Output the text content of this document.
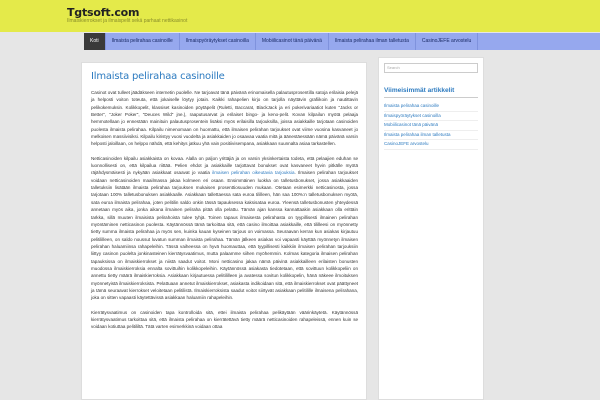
Tgtsoft.com
Ilmaiskierrokset ja ilmaispelit sekä parhaat nettikasinot
Koti	Ilmaista pelirahaa casinoille	Ilmaispyöräytykset casinoilla	Mobiilicasinot tänä päivänä	Ilmaista pelirahaa ilman talletusta	CasinoJEFE arvostelu
Ilmaista pelirahaa casinoille

Casinot ovat tulleet jäädäkseen internetin puolelle. Ne tarjoavat tänä päivänä erinomaisella palautusprosentilla satoja erilaisia pelejä ja helposti voiton toteuta, että jokaiselle löytyy jotain. Kaikki rahapelien kirjo on tarjolla näyttävin grafiikoin ja nautittavin pelikokemuksin. Kolikkopelit, klassiset kasinoiden pöytäpelit (Ruletti, Baccarat, BlackJack ja eri pokerivariaatiot kuten "Jacks or Better", "Joker Poker", "Deuces Wild" jne.), raaputusarvat ja erilaiset bingo- ja keno-pelit. Kovan kilpailun myötä pelaaja hemmotellaan jo ennestään mainituin palautusprosentein lisäksi myös erilaisilla tarjouksilla, joissa asiakkaille tarjotaan casinoiden puolesta ilmaista pelirahaa. Kilpailu nimenomaan on huomattu, että ilmaisen pelirahan tarjoukset ovat viime vuosina kasvaneet jo melkoisen massiivisiksi. Kilpailu kiristyy vuosi vuodelta ja asiakkaiden jo osaavaa vaatia mitä ja äänestäessään nämä päivänä varsin helposti jaloillaan, on helppo nähdä, että kehitys jatkuu yhä vain positiivisempana, asiakkaan suunnalta asiaa tarkastellen.

Netticasinoiden kilpailu asiakkaista on kovaa. Alalla on paljon yrittäjiä ja on varsin yksinkertaista todeta, että pelaajien eduhan se luonnollisesti on, että kilpailua riittää. Pelien ehdot ja asiakkaille tarjottavat bonukset ovat kasvaneet hyvin pitkälle myötä räjähdysmäisesti ja nykyään asiakkaat osaavat jo vaatia ilmaisen pelirahan oikeutavia tarjouksia. Ilmaisen pelirahan tarjoukset voidaan netticasinoiden maailmassa jakaa kolmeen eri osaan. Ensimmäinen luokka on talletusbonukset, jossa asiakkaaiden talletuksiin lisätään ilmaista pelirahaa tarjouksen mukaisen prosenttiosuuden mukaan. Otetaan esimerkki netticasinosta, jossa tarjotaan 100% talletusbonuksen asiakkaalle. Asiakkaan tallettaessa sata euroa tililleen, hän saa 100%:n talletusbonuksen myötä, sata euroa ilmaista pelirahaa, joten pelitilin saldo onkin tässä tapauksessa kaksisataa euroa. Yleensä talletusbonusten yhteydessä annetaan myös aika, jonka aikana ilmainen peliraha pitää olla pelattu. Tämän ajan kanssa kannattaakin asiakkaan olla erittäin tarkka, sillä muuten ilmaisista pelirahoista tulee tyhjä. Toinen tapaus ilmaisesta pelirahasta on tyypillisesti ilmainen pelirahan myöntäminen netticasinon puolesta. Käytännössä tämä tarkoittaa sitä, että casino ilmoittaa asiakkaille, että tililleesi on myönnetty tietty summa ilmaista pelirahaa ja myös sen, kuinka kauan kyseinen tarjous on voimassa. Seuraavan kerran kun asiakas kirjautuu pelitililleen, on saldo noussut luvatun summan ilmaista pelirahaa. Tämän jälkeen asiakas voi vapaasti käyttää myönnetyn ilmaisen pelirahan haluamiinsa rahapeleihin. Tässä vaiheessa on hyvä huomauttaa, että tyypillisesti kaikkiin ilmaisen pelirahan tarjouksiin liittyy casinon puolelta jonkinasteinen kierrätysvaatimus, mutta palaamme siihen myöhemmin. Kolmas kategoria ilmaisen pelirahan tapauksissa on ilmaiskierrokset ja niistä saadut voitot. Moni netticasino jakaa nämä päivinä asiakkailleen erilaisten bonusten muodossa ilmaiskierroksia ennalta sovittuihin kolikkopeleihin. Käytännössä asiakasta tiedotetaan, että sovittuun kolikkopeliin on annettu tietty määrä ilmaiskierroksia. Asiakkaan kirjautuessa pelitililleen ja avatessa sovitun kolikkopelin, hänä näkeee ilmoituksen myönnetyistä ilmaiskierroksista. Pelattuaan annetut ilmaiskierrokset, asiakasta indikoidaan sitä, että ilmaiskierrokset ovat päättyneet ja tämä seuraavat kierrokset veloitetaan pelitilistä. Ilmaiskierroksista saadut voitot siirtyvät asiakkaan pelitilille ilmaisena pelirahana, joka on sitten vapaasti käytettävissä asiakkaan haluamiin rahapeleihin.

Kierrätysvaatimus on casinoiden tapa kontrolloida sitä, ettei ilmaista pelirahaa pelikäytään väärinkäytetä. Käytännössä kierrätysvaatimus tarkoittaa sitä, että ilmaista pelirahaa on kierrätettävä tietty määrä netticasinoiden rahapeleissä, ennen kuin se voidaan kotiuttaa pelitililtä. Tätä varten esimerkkinä voidaan ottaa

Search
Viimeisimmät artikkelit
Ilmaista pelirahaa casinoille
Ilmaispyöräytykset casinoilla
Mobiilicasinot tänä päivänä
Ilmaista pelirahaa ilman talletusta
CasinoJEFE arvostelu
